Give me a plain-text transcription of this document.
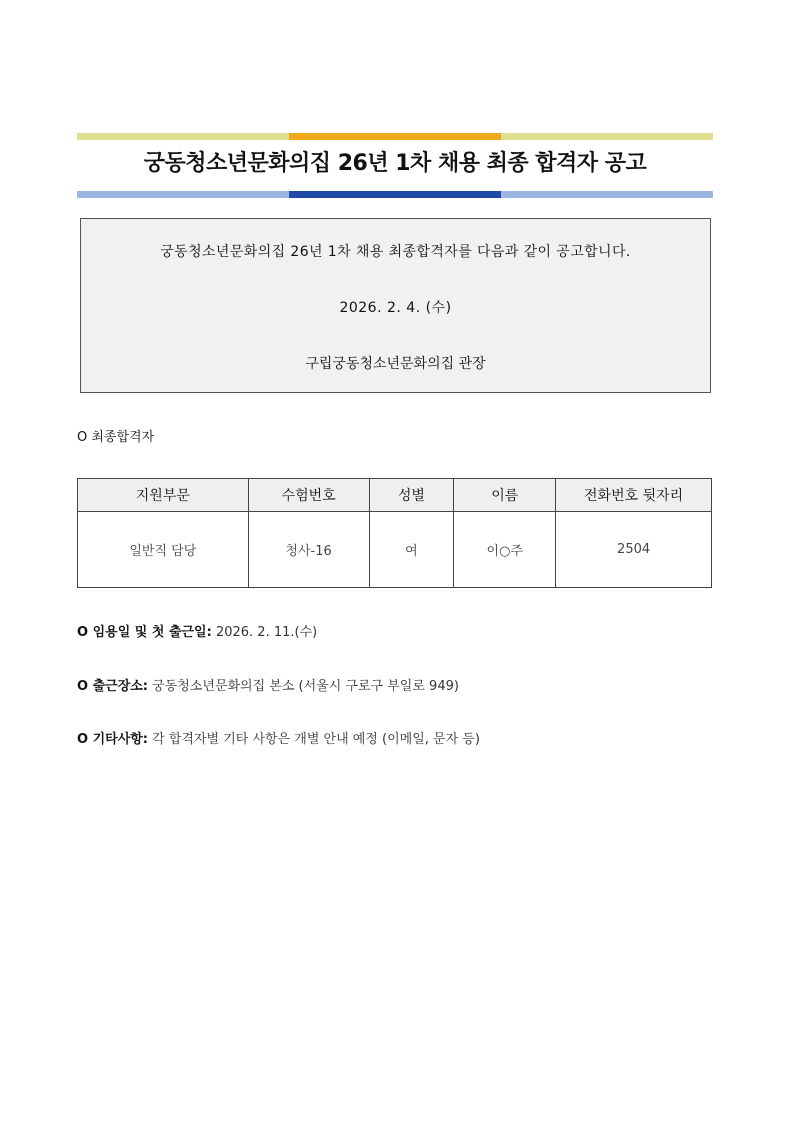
궁동청소년문화의집 26년 1차 채용 최종 합격자 공고

궁동청소년문화의집 26년 1차 채용 최종합격자를 다음과 같이 공고합니다.

2026. 2. 4. (수)

구립궁동청소년문화의집 관장

O 최종합격자
지원부문	수험번호	성별	이름	전화번호 뒷자리
일반직 담당	청사-16	여	이○주	2504
O 임용일 및 첫 출근일: 2026. 2. 11.(수)
O 출근장소: 궁동청소년문화의집 본소 (서울시 구로구 부일로 949)
O 기타사항: 각 합격자별 기타 사항은 개별 안내 예정 (이메일, 문자 등)
